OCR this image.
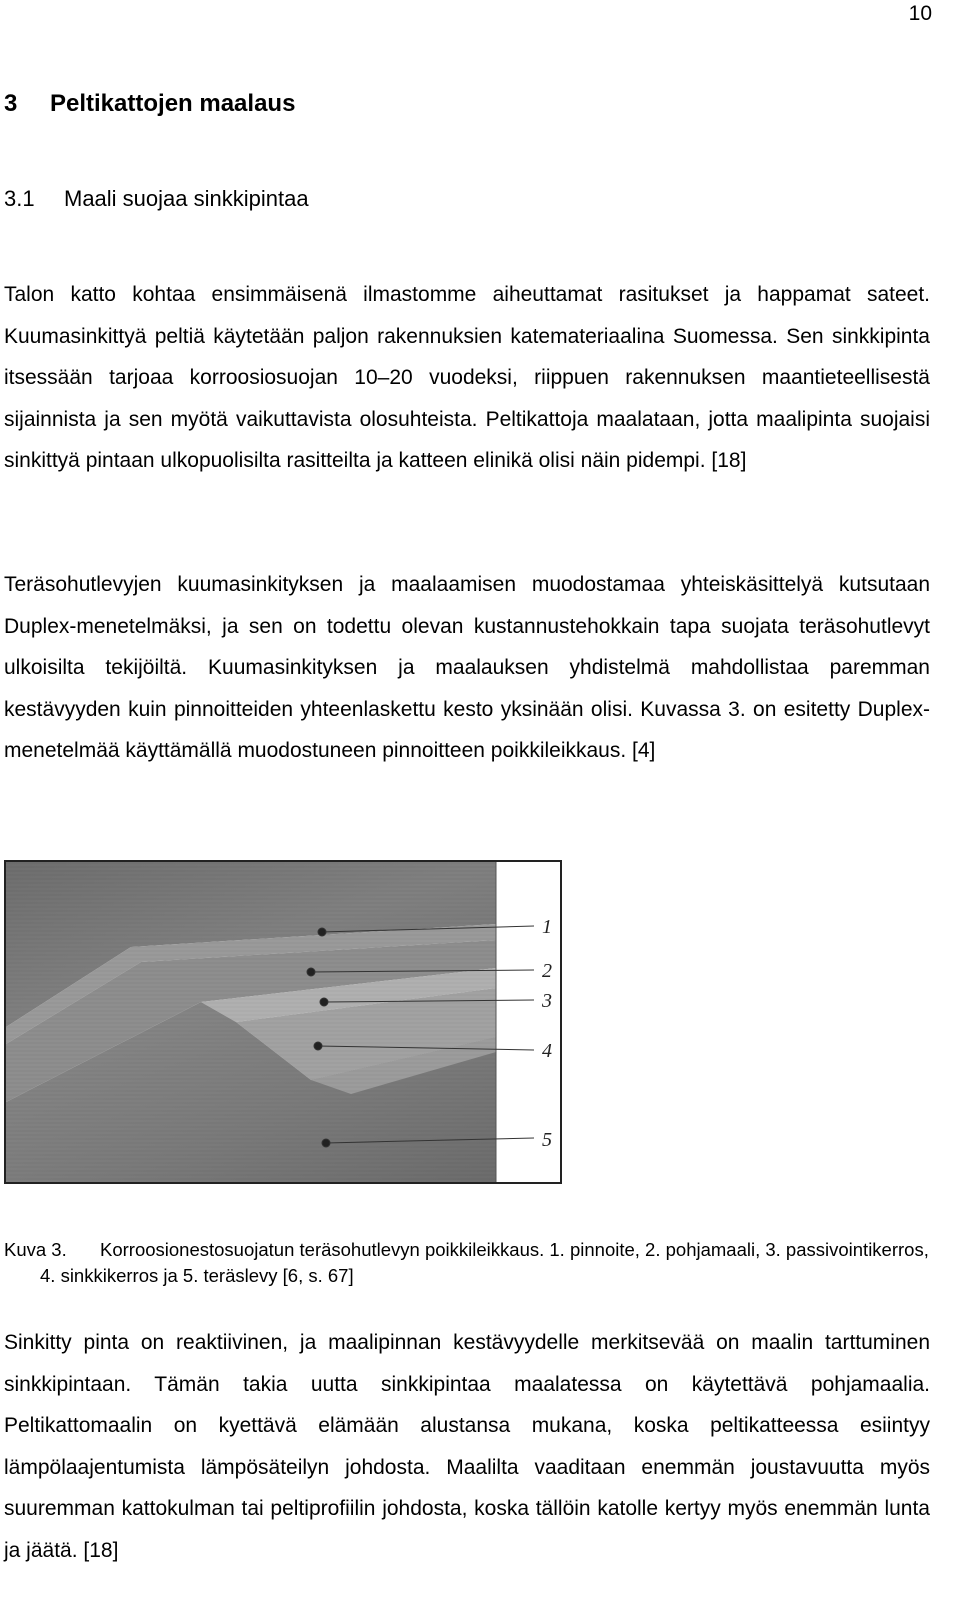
10
3 Peltikattojen maalaus
3.1 Maali suojaa sinkkipintaa

Talon katto kohtaa ensimmäisenä ilmastomme aiheuttamat rasitukset ja happamat sateet. Kuumasinkittyä peltiä käytetään paljon rakennuksien katemateriaalina Suomessa. Sen sinkkipinta itsessään tarjoaa korroosiosuojan 10–20 vuodeksi, riippuen rakennuksen maantieteellisestä sijainnista ja sen myötä vaikuttavista olosuhteista. Peltikattoja maalataan, jotta maalipinta suojaisi sinkittyä pintaan ulkopuolisilta rasitteilta ja katteen elinikä olisi näin pidempi. [18]

Teräsohutlevyjen kuumasinkityksen ja maalaamisen muodostamaa yhteiskäsittelyä kutsutaan Duplex-menetelmäksi, ja sen on todettu olevan kustannustehokkain tapa suojata teräsohutlevyt ulkoisilta tekijöiltä. Kuumasinkityksen ja maalauksen yhdistelmä mahdollistaa paremman kestävyyden kuin pinnoitteiden yhteenlaskettu kesto yksinään olisi. Kuvassa 3. on esitetty Duplex-menetelmää käyttämällä muodostuneen pinnoitteen poikkileikkaus. [4]

1
2
3
4
5

Kuva 3. Korroosionestosuojatun teräsohutlevyn poikkileikkaus. 1. pinnoite, 2. pohjamaali, 3. passivointikerros, 4. sinkkikerros ja 5. teräslevy [6, s. 67]

Sinkitty pinta on reaktiivinen, ja maalipinnan kestävyydelle merkitsevää on maalin tarttuminen sinkkipintaan. Tämän takia uutta sinkkipintaa maalatessa on käytettävä pohjamaalia. Peltikattomaalin on kyettävä elämään alustansa mukana, koska peltikatteessa esiintyy lämpölaajentumista lämpösäteilyn johdosta. Maalilta vaaditaan enemmän joustavuutta myös suuremman kattokulman tai peltiprofiilin johdosta, koska tällöin katolle kertyy myös enemmän lunta ja jäätä. [18]
